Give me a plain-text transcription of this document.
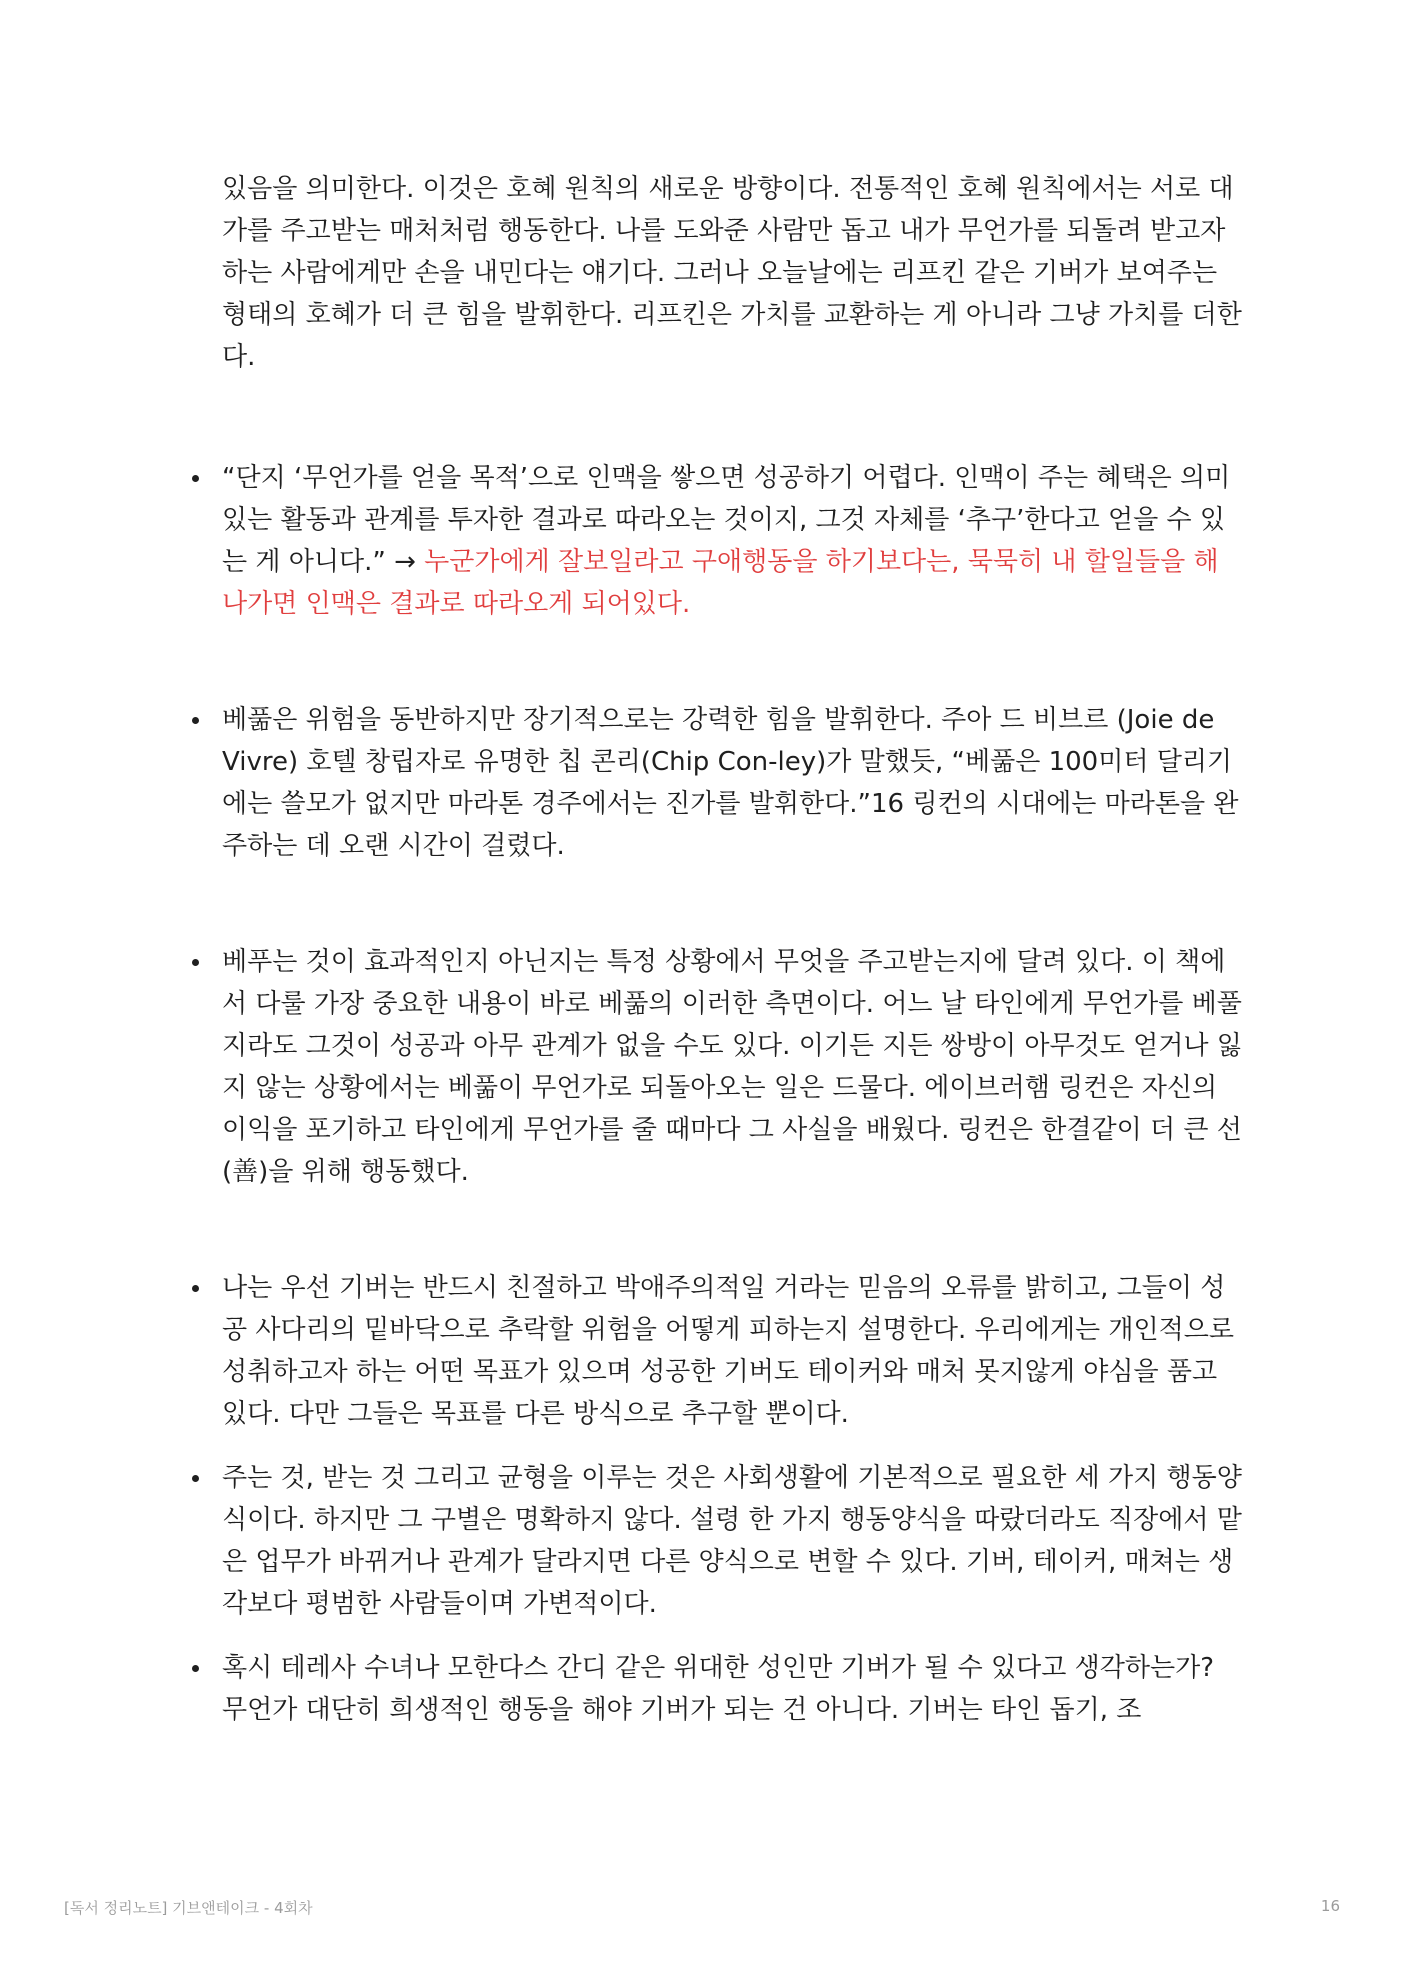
있음을 의미한다. 이것은 호혜 원칙의 새로운 방향이다. 전통적인 호혜 원칙에서는 서로 대가를 주고받는 매처처럼 행동한다. 나를 도와준 사람만 돕고 내가 무언가를 되돌려 받고자 하는 사람에게만 손을 내민다는 얘기다. 그러나 오늘날에는 리프킨 같은 기버가 보여주는 형태의 호혜가 더 큰 힘을 발휘한다. 리프킨은 가치를 교환하는 게 아니라 그냥 가치를 더한다.

“단지 ‘무언가를 얻을 목적’으로 인맥을 쌓으면 성공하기 어렵다. 인맥이 주는 혜택은 의미 있는 활동과 관계를 투자한 결과로 따라오는 것이지, 그것 자체를 ‘추구’한다고 얻을 수 있는 게 아니다.” → 누군가에게 잘보일라고 구애행동을 하기보다는, 묵묵히 내 할일들을 해나가면 인맥은 결과로 따라오게 되어있다.

베풂은 위험을 동반하지만 장기적으로는 강력한 힘을 발휘한다. 주아 드 비브르 (Joie de Vivre) 호텔 창립자로 유명한 칩 콘리(Chip Con-ley)가 말했듯, “베풂은 100미터 달리기에는 쓸모가 없지만 마라톤 경주에서는 진가를 발휘한다.”16 링컨의 시대에는 마라톤을 완주하는 데 오랜 시간이 걸렸다.

베푸는 것이 효과적인지 아닌지는 특정 상황에서 무엇을 주고받는지에 달려 있다. 이 책에서 다룰 가장 중요한 내용이 바로 베풂의 이러한 측면이다. 어느 날 타인에게 무언가를 베풀지라도 그것이 성공과 아무 관계가 없을 수도 있다. 이기든 지든 쌍방이 아무것도 얻거나 잃지 않는 상황에서는 베풂이 무언가로 되돌아오는 일은 드물다. 에이브러햄 링컨은 자신의 이익을 포기하고 타인에게 무언가를 줄 때마다 그 사실을 배웠다. 링컨은 한결같이 더 큰 선(善)을 위해 행동했다.

나는 우선 기버는 반드시 친절하고 박애주의적일 거라는 믿음의 오류를 밝히고, 그들이 성공 사다리의 밑바닥으로 추락할 위험을 어떻게 피하는지 설명한다. 우리에게는 개인적으로 성취하고자 하는 어떤 목표가 있으며 성공한 기버도 테이커와 매처 못지않게 야심을 품고 있다. 다만 그들은 목표를 다른 방식으로 추구할 뿐이다.

주는 것, 받는 것 그리고 균형을 이루는 것은 사회생활에 기본적으로 필요한 세 가지 행동양식이다. 하지만 그 구별은 명확하지 않다. 설령 한 가지 행동양식을 따랐더라도 직장에서 맡은 업무가 바뀌거나 관계가 달라지면 다른 양식으로 변할 수 있다. 기버, 테이커, 매쳐는 생각보다 평범한 사람들이며 가변적이다.

혹시 테레사 수녀나 모한다스 간디 같은 위대한 성인만 기버가 될 수 있다고 생각하는가? 무언가 대단히 희생적인 행동을 해야 기버가 되는 건 아니다. 기버는 타인 돕기, 조

[독서 정리노트] 기브앤테이크 - 4회차	16
